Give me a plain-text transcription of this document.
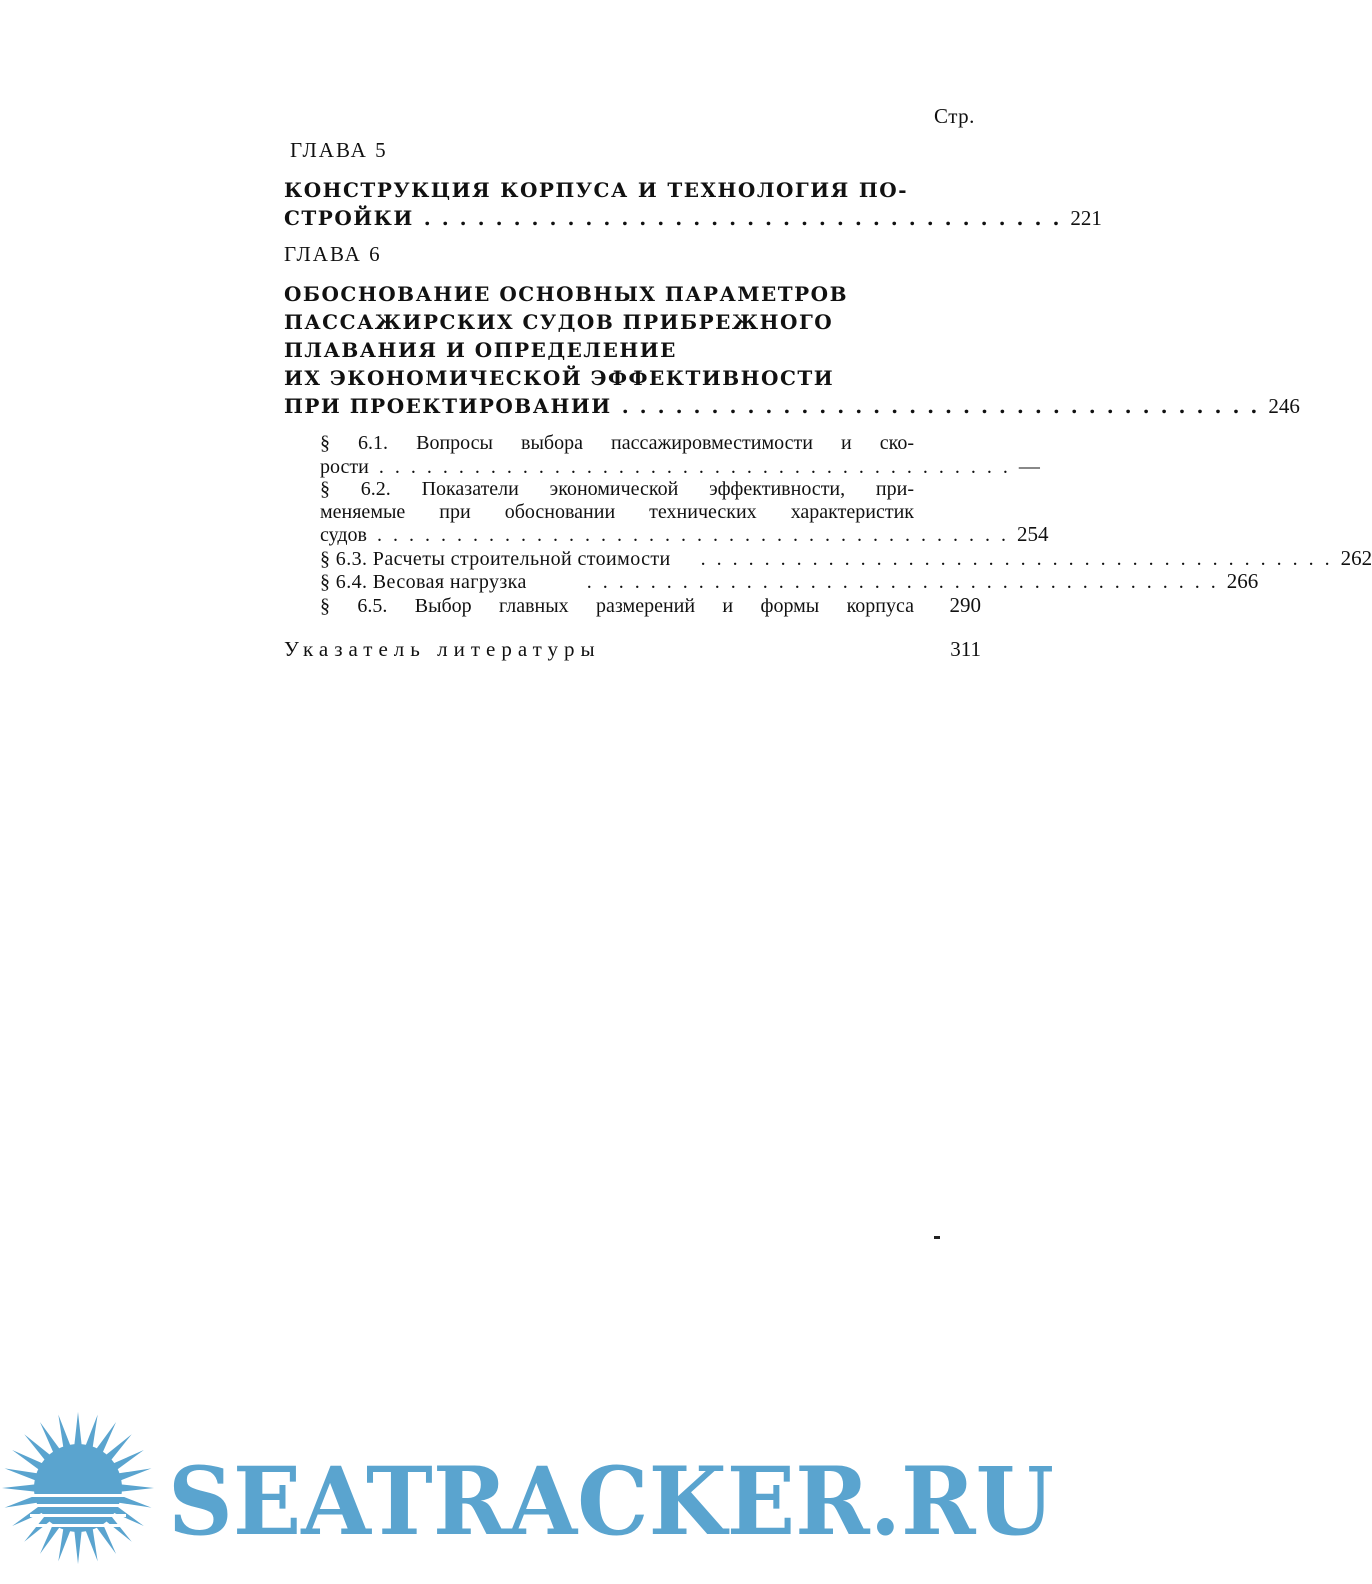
Стр.
ГЛАВА 5
КОНСТРУКЦИЯ КОРПУСА И ТЕХНОЛОГИЯ ПО-
СТРОЙКИ .................................... 221
ГЛАВА 6
ОБОСНОВАНИЕ ОСНОВНЫХ ПАРАМЕТРОВ
ПАССАЖИРСКИХ СУДОВ ПРИБРЕЖНОГО
ПЛАВАНИЯ И ОПРЕДЕЛЕНИЕ
ИХ ЭКОНОМИЧЕСКОЙ ЭФФЕКТИВНОСТИ
ПРИ ПРОЕКТИРОВАНИИ .................................... 246

§ 6.1. Вопросы выбора пассажировместимости и ско-

рости ........................................ —

§ 6.2. Показатели экономической эффективности, при-

меняемые при обосновании технических характеристик

судов ........................................ 254
§ 6.3. Расчеты строительной стоимости	........................................ 262
§ 6.4. Весовая нагрузка	........................................ 266
§ 6.5. Выбор главных размерений и формы корпуса	290
Указатель литературы	311
SEATRACKER.RU
